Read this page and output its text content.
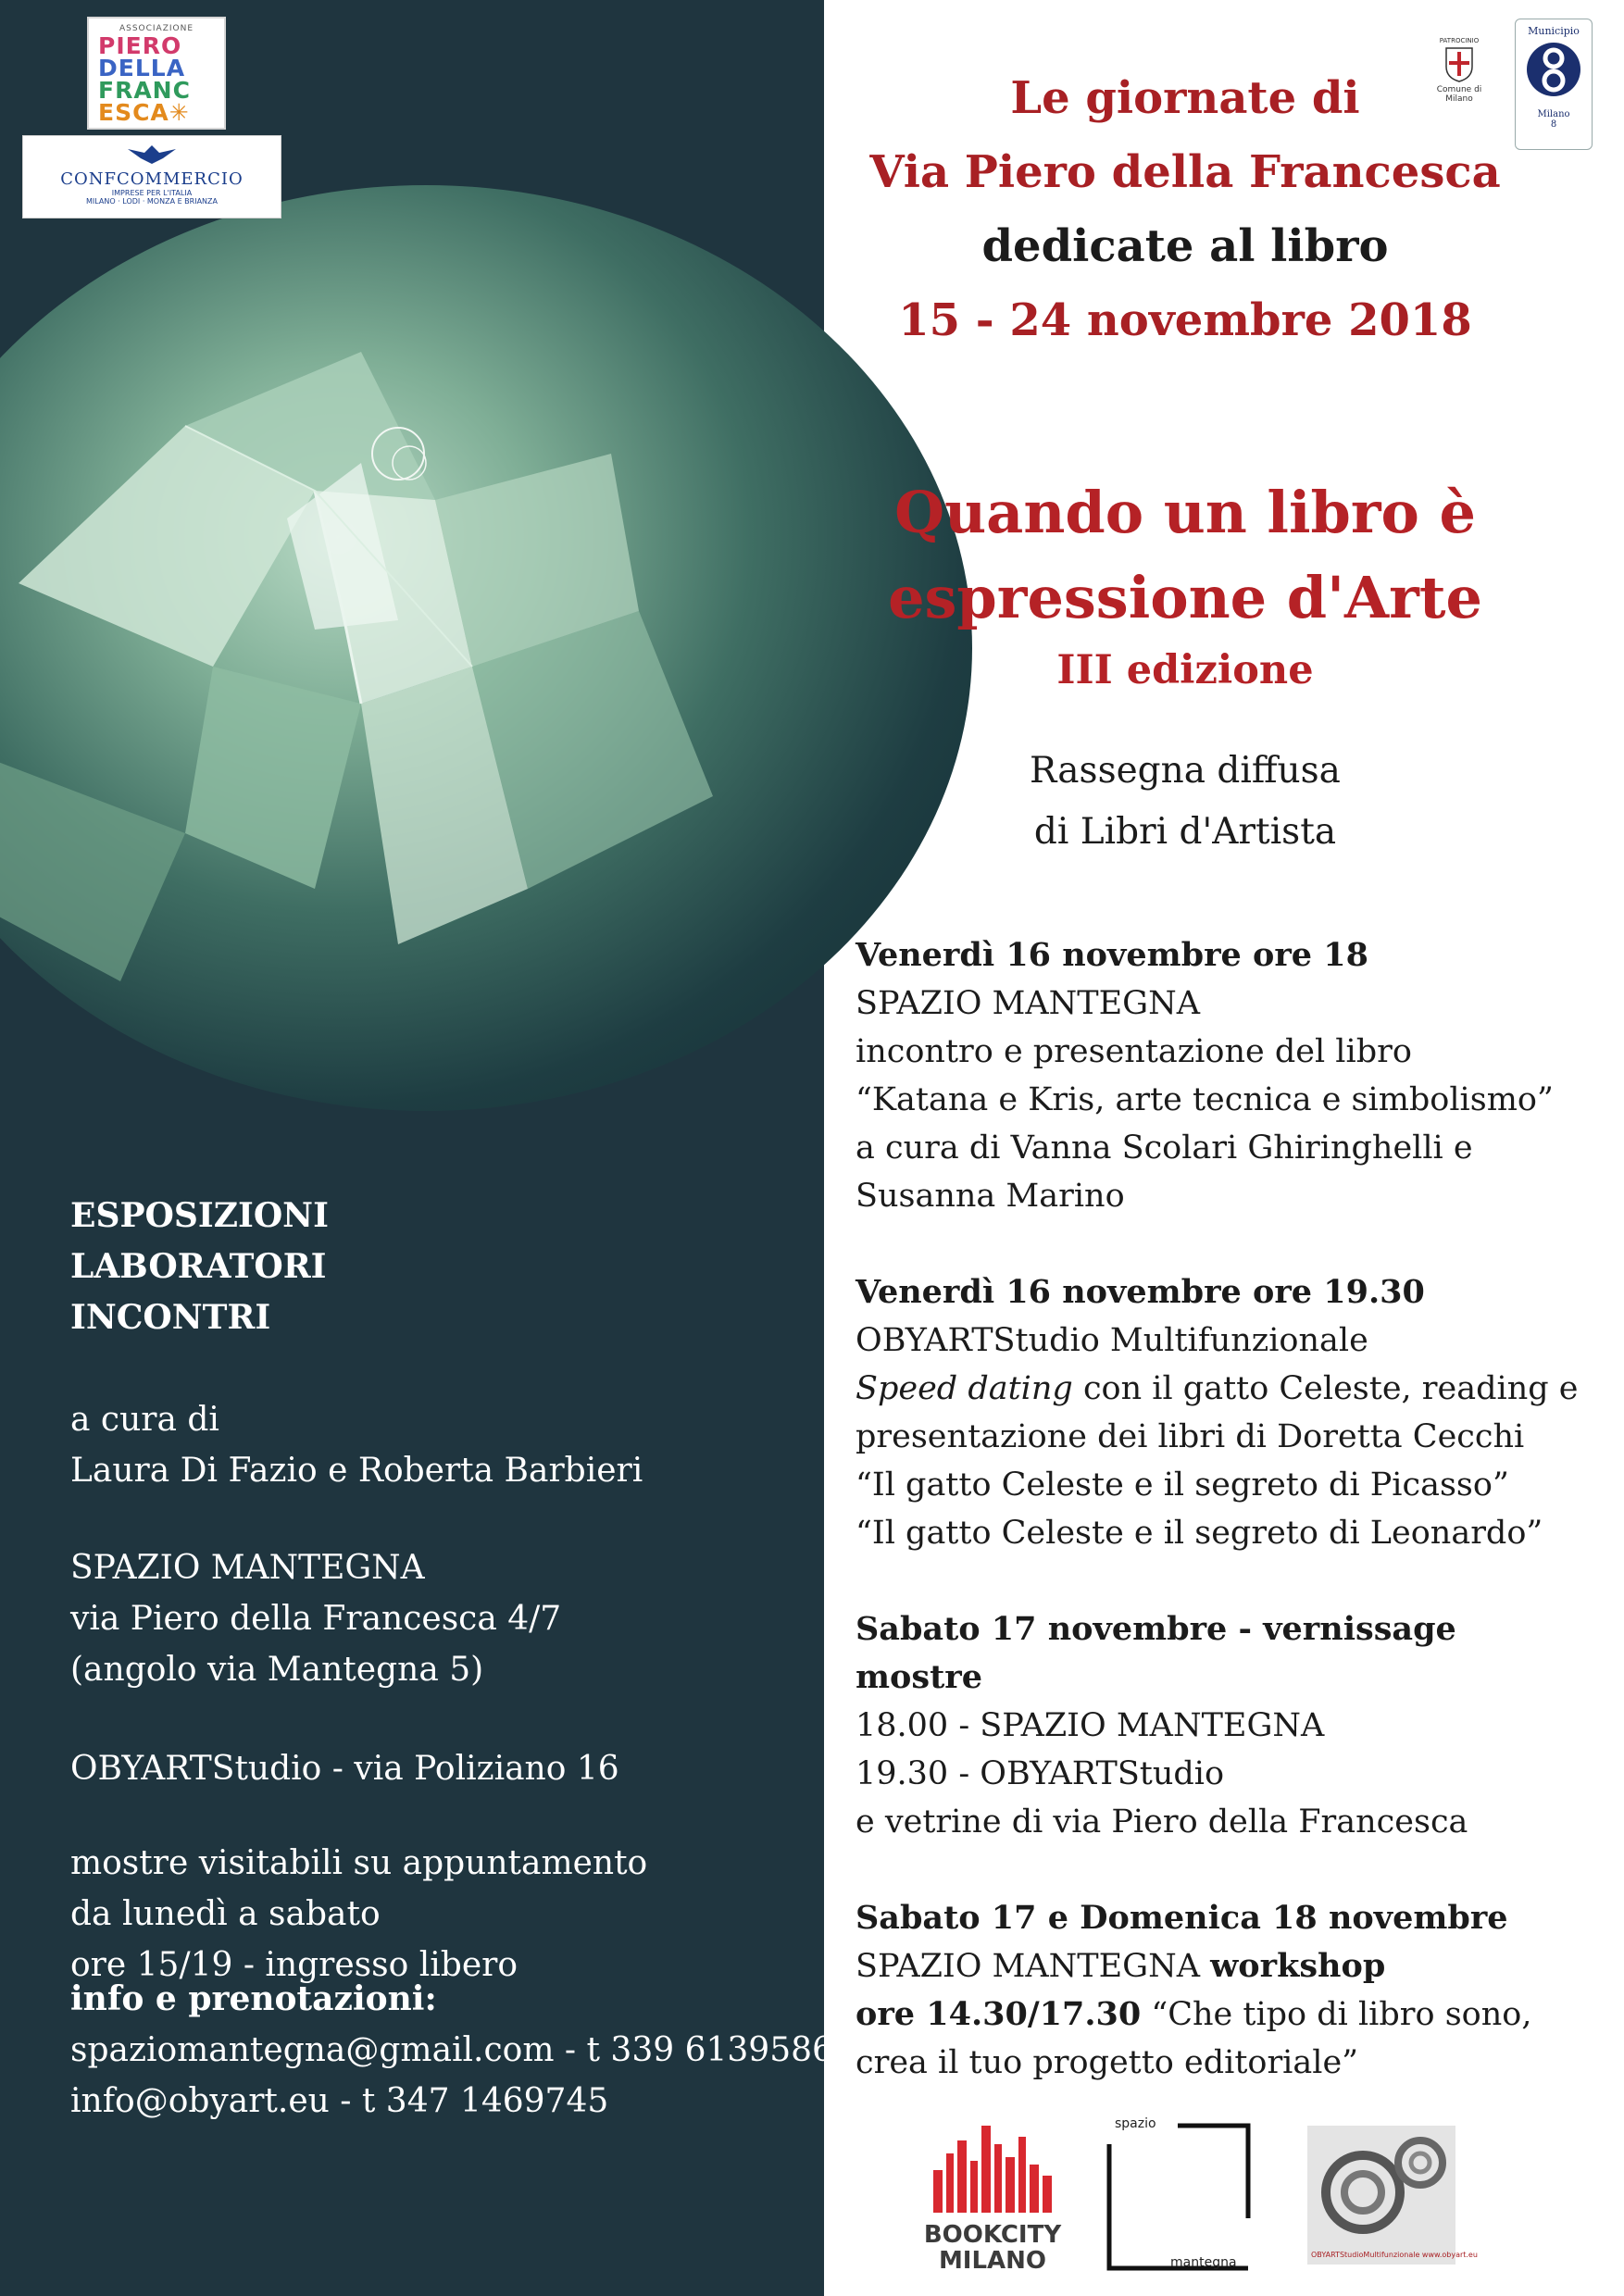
ASSOCIAZIONE
PIERO
DELLA
FRANC
ESCA✳
CONFCOMMERCIO
IMPRESE PER L'ITALIA
MILANO · LODI · MONZA E BRIANZA
PATROCINIO
Comune di Milano
Municipio
Milano
8
Le giornate di
Via Piero della Francesca
dedicate al libro
15 - 24 novembre 2018
Quando un libro è
espressione d'Arte
III edizione
Rassegna diffusa
di Libri d'Artista
Venerdì 16 novembre ore 18
SPAZIO MANTEGNA
incontro e presentazione del libro
“Katana e Kris, arte tecnica e simbolismo”
a cura di Vanna Scolari Ghiringhelli e
Susanna Marino
Venerdì 16 novembre ore 19.30
OBYARTStudio Multifunzionale
Speed dating con il gatto Celeste, reading e
presentazione dei libri di Doretta Cecchi
“Il gatto Celeste e il segreto di Picasso”
“Il gatto Celeste e il segreto di Leonardo”
Sabato 17 novembre - vernissage mostre
18.00 - SPAZIO MANTEGNA
19.30 - OBYARTStudio
e vetrine di via Piero della Francesca
Sabato 17 e Domenica 18 novembre
SPAZIO MANTEGNA workshop
ore 14.30/17.30 “Che tipo di libro sono,
crea il tuo progetto editoriale”
ESPOSIZIONI
LABORATORI
INCONTRI
a cura di
Laura Di Fazio e Roberta Barbieri
SPAZIO MANTEGNA
via Piero della Francesca 4/7
(angolo via Mantegna 5)
OBYARTStudio - via Poliziano 16
mostre visitabili su appuntamento
da lunedì a sabato
ore 15/19 - ingresso libero
info e prenotazioni:
spaziomantegna@gmail.com - t 339 6139586
info@obyart.eu - t 347 1469745
BOOKCITY
MILANO
spazio
mantegna
OBYARTStudioMultifunzionale www.obyart.eu
